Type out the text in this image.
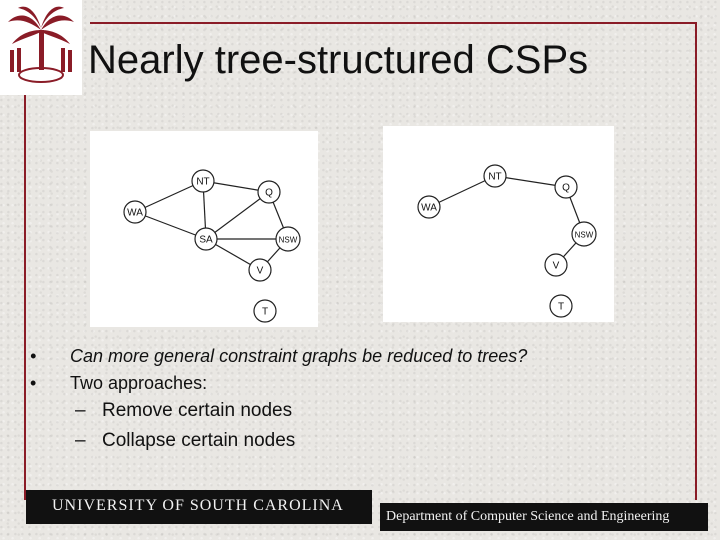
Nearly tree-structured CSPs
NT
Q
WA
SA	NSW
V
T
NT
Q
WA
NSW
V
T
• Can more general constraint graphs be reduced to trees?
• Two approaches:
– Remove certain nodes
– Collapse certain nodes
UNIVERSITY OF SOUTH CAROLINA
Department of Computer Science and Engineering
